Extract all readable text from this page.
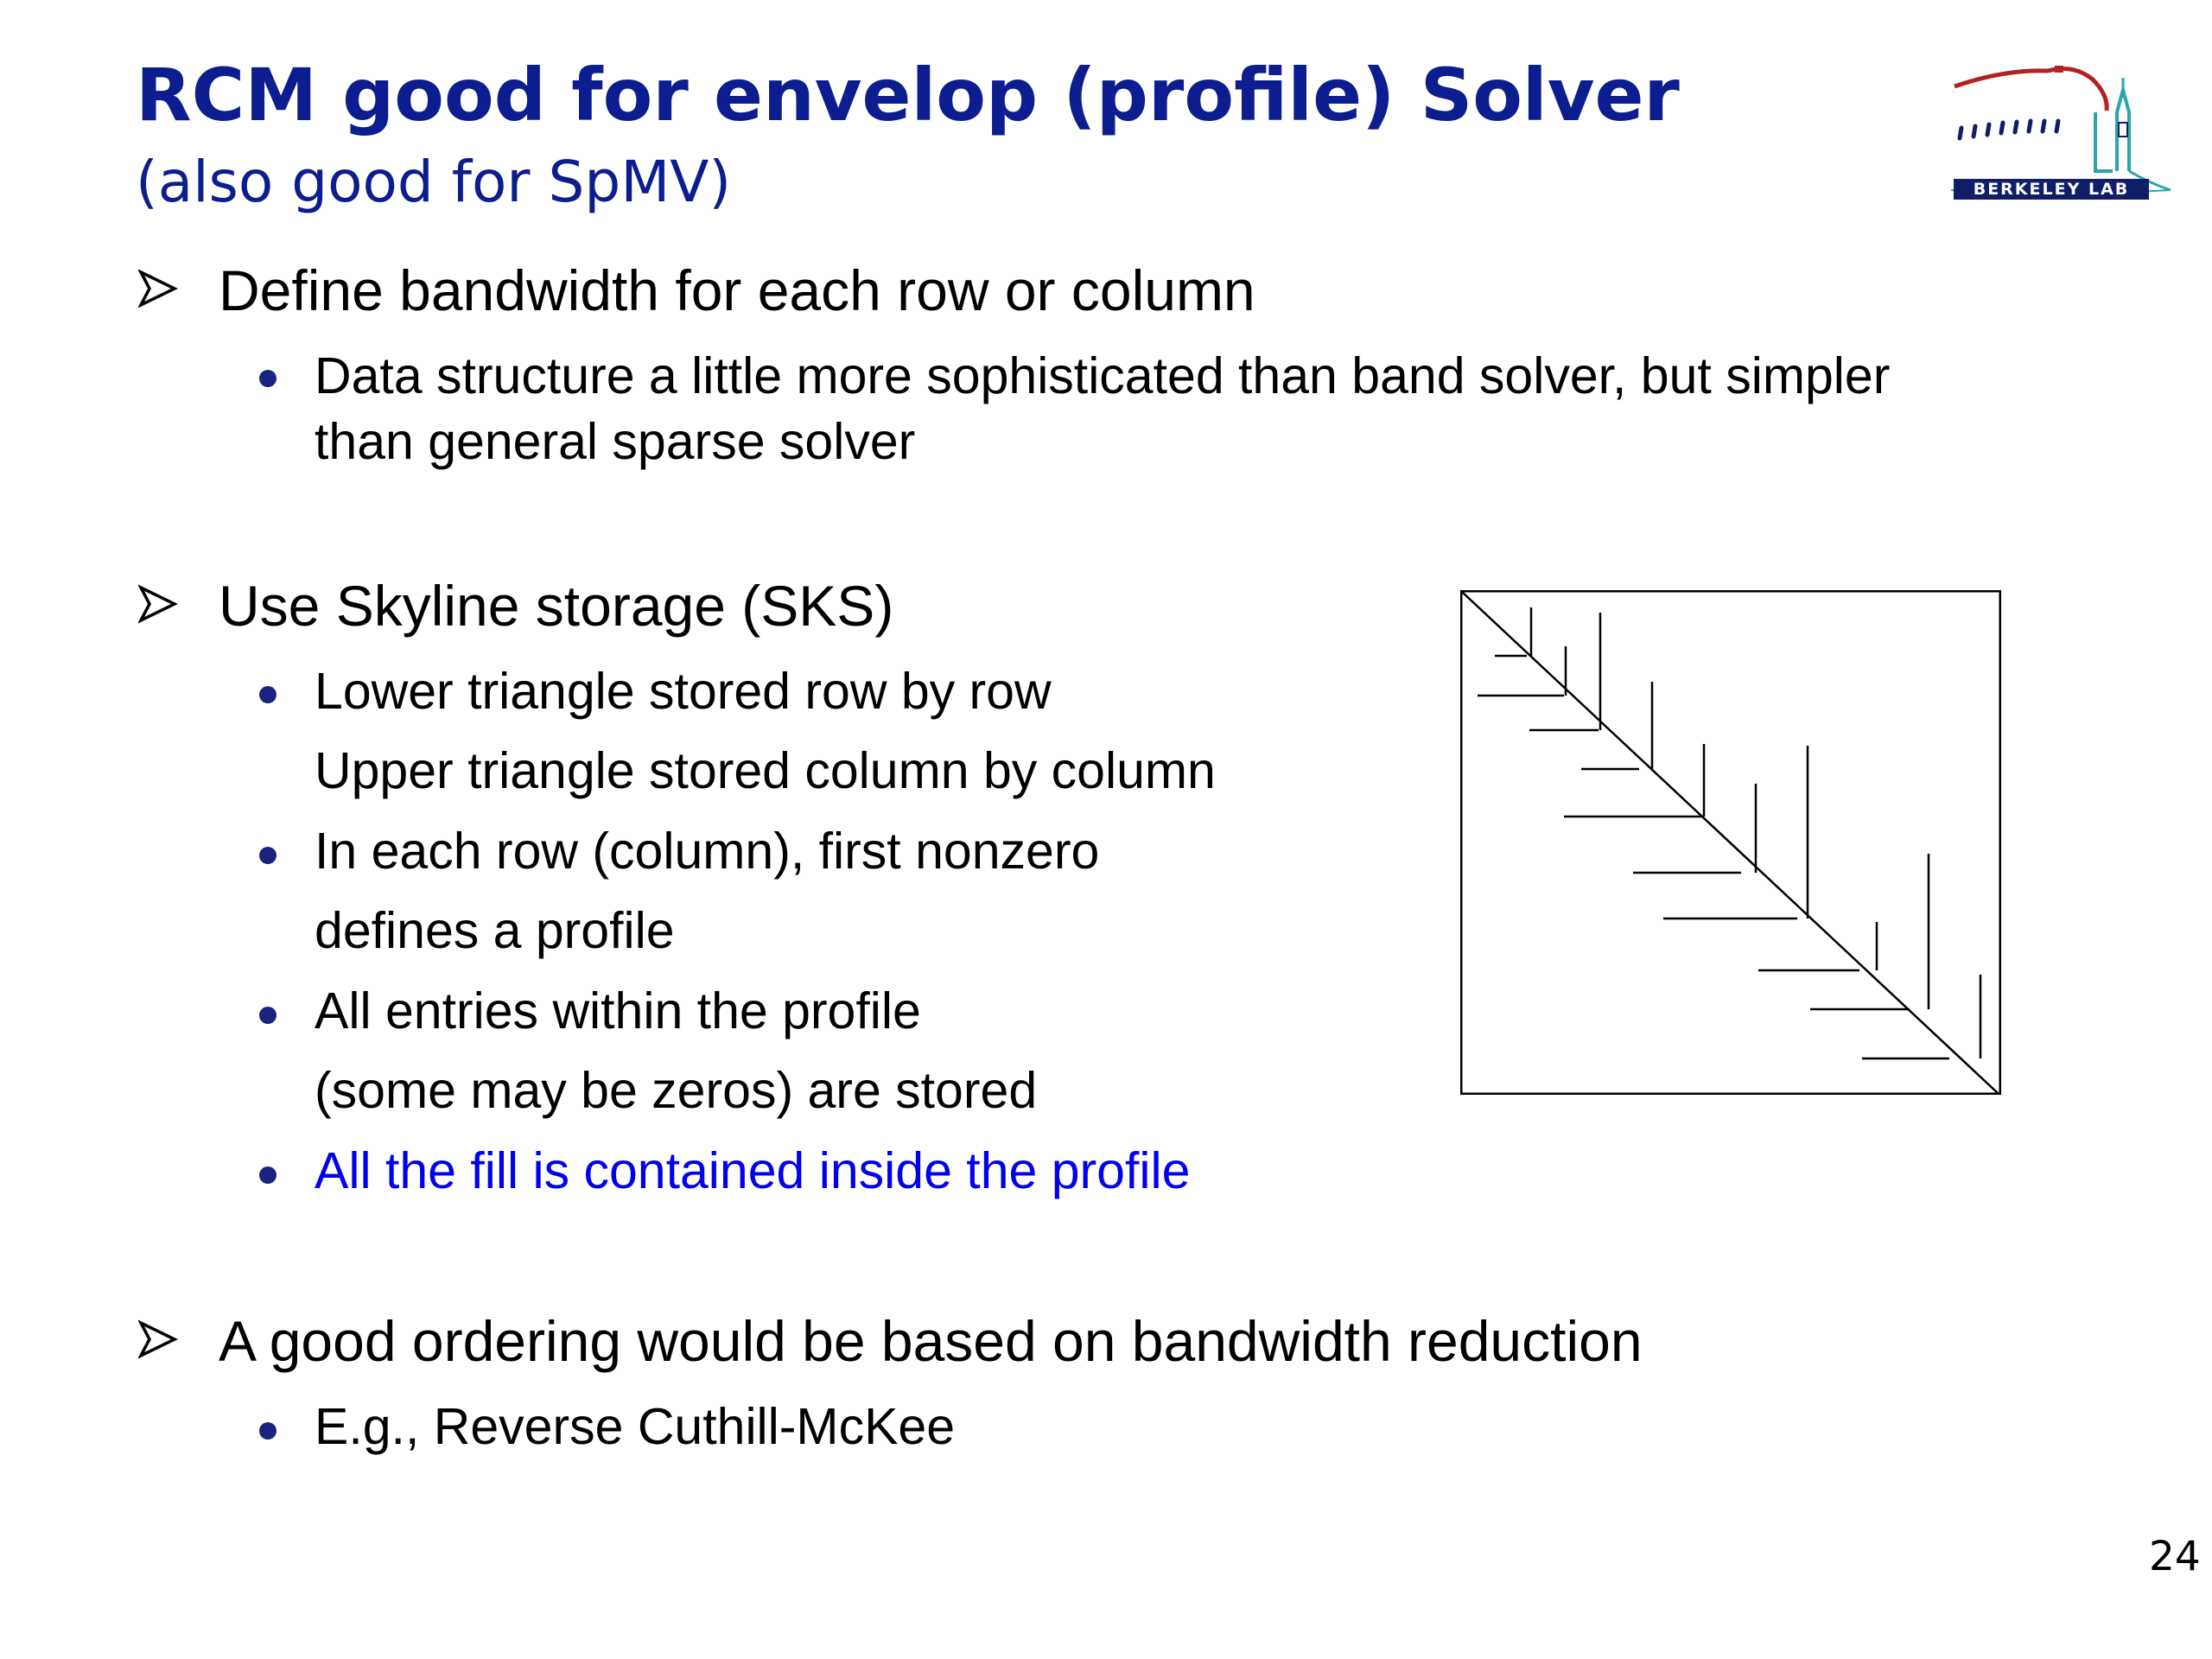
RCM good for envelop (profile) Solver
(also good for SpMV)	BERKELEY LAB
Define bandwidth for each row or column
Data structure a little more sophisticated than band solver, but simpler
than general sparse solver
Use Skyline storage (SKS)
Lower triangle stored row by row
Upper triangle stored column by column
In each row (column), first nonzero
defines a profile
All entries within the profile
(some may be zeros) are stored
All the fill is contained inside the profile
A good ordering would be based on bandwidth reduction
E.g., Reverse Cuthill-McKee
24
